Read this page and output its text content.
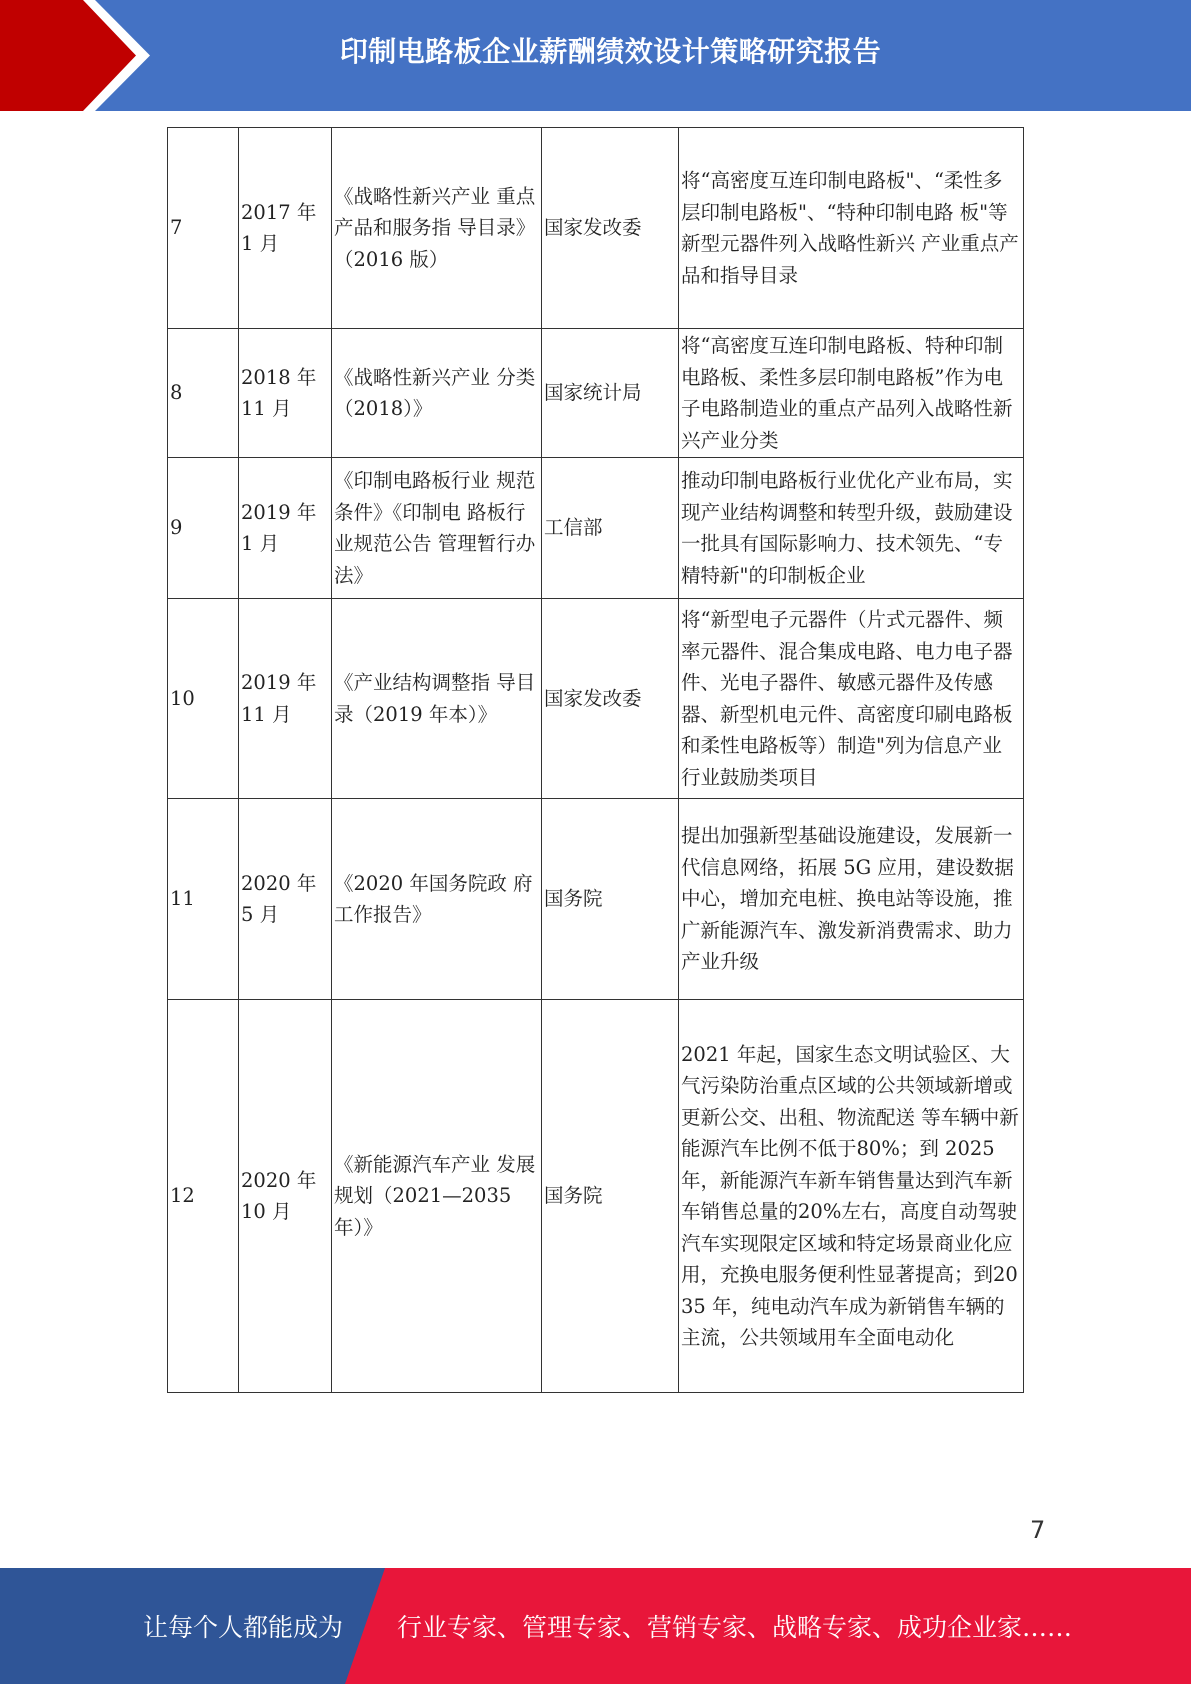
印制电路板企业薪酬绩效设计策略研究报告
7	2017 年 1 月	《战略性新兴产业 重点产品和服务指 导目录》（2016 版）	国家发改委	将“高密度互连印制电路板"、“柔性多层印制电路板"、“特种印制电路 板"等新型元器件列入战略性新兴 产业重点产品和指导目录
8	2018 年 11 月	《战略性新兴产业 分类（2018）》	国家统计局	将“高密度互连印制电路板、特种印制电路板、柔性多层印制电路板”作为电子电路制造业的重点产品列入战略性新兴产业分类
9	2019 年 1 月	《印制电路板行业 规范条件》《印制电 路板行业规范公告 管理暂行办法》	工信部	推动印制电路板行业优化产业布局，实现产业结构调整和转型升级，鼓励建设一批具有国际影响力、技术领先、“专精特新"的印制板企业
10	2019 年 11 月	《产业结构调整指 导目录（2019 年本）》	国家发改委	将“新型电子元器件（片式元器件、频率元器件、混合集成电路、电力电子器件、光电子器件、敏感元器件及传感器、新型机电元件、高密度印刷电路板和柔性电路板等）制造"列为信息产业行业鼓励类项目
11	2020 年 5 月	《2020 年国务院政 府工作报告》	国务院	提出加强新型基础设施建设，发展新一代信息网络，拓展 5G 应用，建设数据中心，增加充电桩、换电站等设施，推广新能源汽车、激发新消费需求、助力产业升级
12	2020 年 10 月	《新能源汽车产业 发展规划（2021—2035 年）》	国务院	2021 年起，国家生态文明试验区、大气污染防治重点区域的公共领域新增或更新公交、出租、物流配送 等车辆中新能源汽车比例不低于80%；到 2025 年，新能源汽车新车销售量达到汽车新车销售总量的20%左右，高度自动驾驶汽车实现限定区域和特定场景商业化应用，充换电服务便利性显著提高；到2035 年，纯电动汽车成为新销售车辆的主流，公共领域用车全面电动化
7
让每个人都能成为 行业专家、管理专家、营销专家、战略专家、成功企业家……
